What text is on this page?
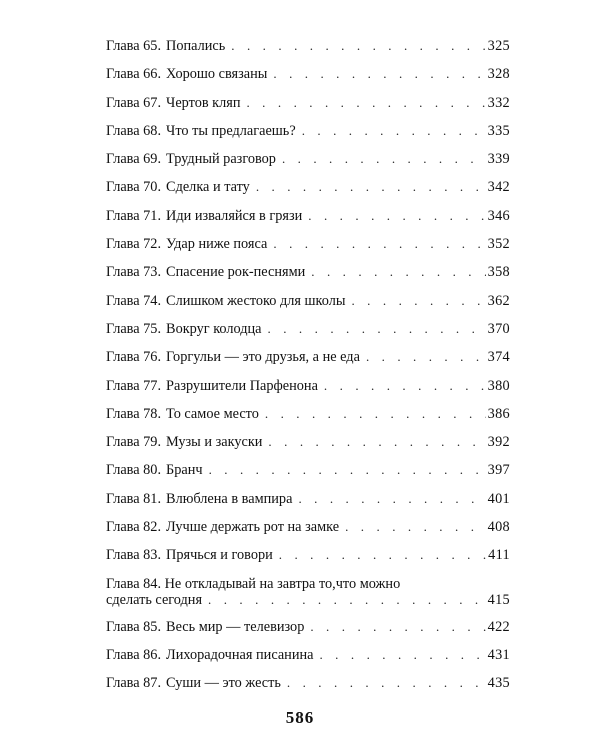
Глава 65. Попались . . .	325
Глава 66. Хорошо связаны . . .	328
Глава 67. Чертов кляп . . .	332
Глава 68. Что ты предлагаешь? . . .	335
Глава 69. Трудный разговор . . .	339
Глава 70. Сделка и тату . . .	342
Глава 71. Иди изваляйся в грязи . . .	346
Глава 72. Удар ниже пояса . . .	352
Глава 73. Спасение рок-песнями . . .	358
Глава 74. Слишком жестоко для школы . . .	362
Глава 75. Вокруг колодца . . .	370
Глава 76. Горгульи — это друзья, а не еда . . .	374
Глава 77. Разрушители Парфенона . . .	380
Глава 78. То самое место . . .	386
Глава 79. Музы и закуски . . .	392
Глава 80. Бранч . . .	397
Глава 81. Влюблена в вампира . . .	401
Глава 82. Лучше держать рот на замке . . .	408
Глава 83. Прячься и говори . . .	411
Глава 84. Не откладывай на завтра то,что можно
сделать сегодня . . .	415
Глава 85. Весь мир — телевизор . . .	422
Глава 86. Лихорадочная писанина . . .	431
Глава 87. Суши — это жесть . . .	435
586
